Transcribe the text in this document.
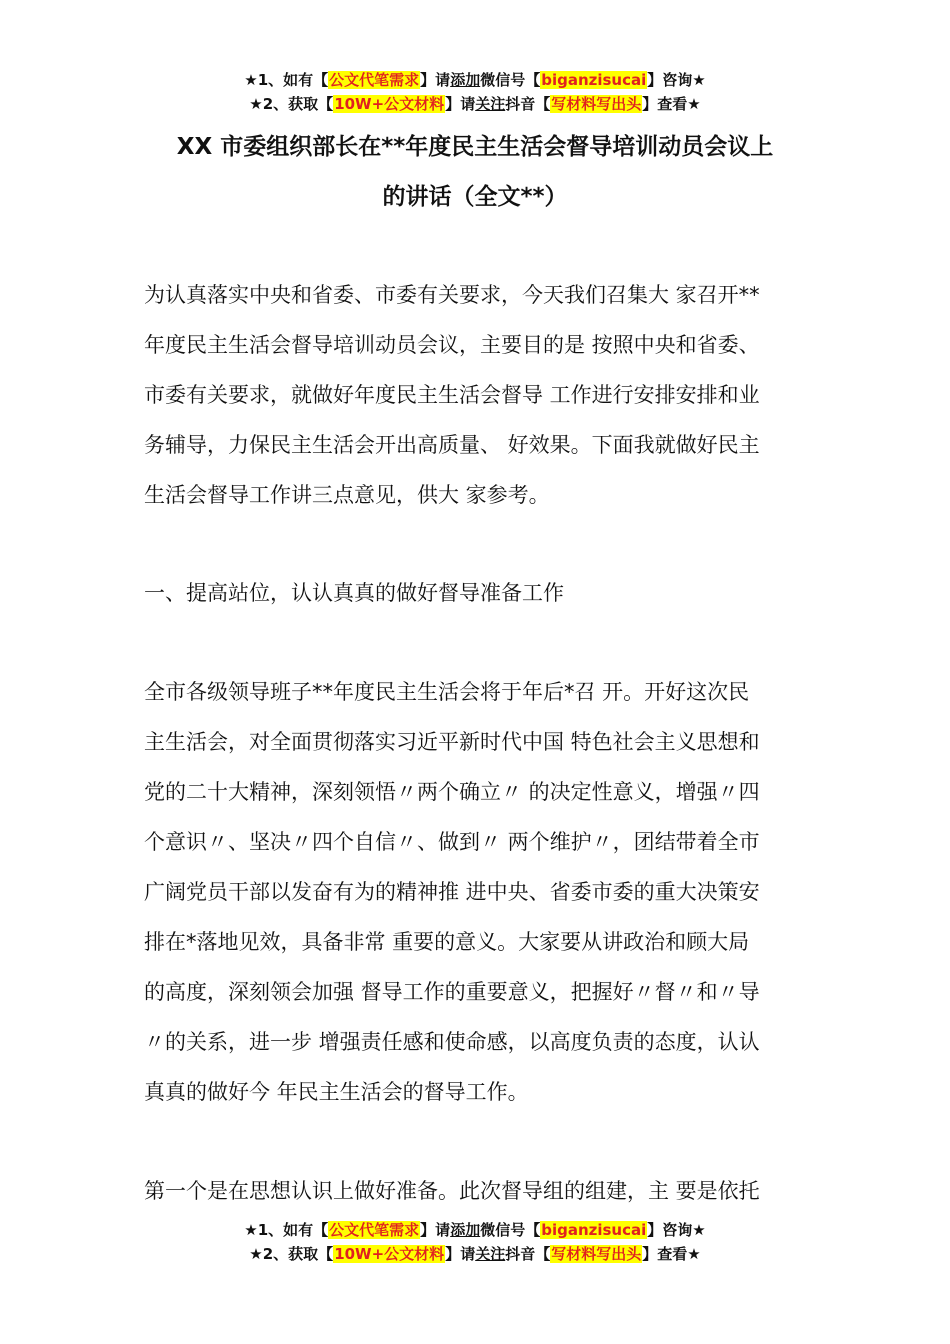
★1、如有【公文代笔需求】请添加微信号【biganzisucai】咨询★
★2、获取【10W+公文材料】请关注抖音【写材料写出头】查看★
XX 市委组织部长在**年度民主生活会督导培训动员会议上
的讲话（全文**）
为认真落实中央和省委、市委有关要求，今天我们召集大 家召开**
年度民主生活会督导培训动员会议，主要目的是 按照中央和省委、
市委有关要求，就做好年度民主生活会督导 工作进行安排安排和业
务辅导，力保民主生活会开出高质量、 好效果。下面我就做好民主
生活会督导工作讲三点意见，供大 家参考。
一、提高站位，认认真真的做好督导准备工作
全市各级领导班子**年度民主生活会将于年后*召 开。开好这次民
主生活会，对全面贯彻落实习近平新时代中国 特色社会主义思想和
党的二十大精神，深刻领悟〃两个确立〃 的决定性意义，增强〃四
个意识〃、坚决〃四个自信〃、做到〃 两个维护〃，团结带着全市
广阔党员干部以发奋有为的精神推 进中央、省委市委的重大决策安
排在*落地见效，具备非常 重要的意义。大家要从讲政治和顾大局
的高度，深刻领会加强 督导工作的重要意义，把握好〃督〃和〃导
〃的关系，进一步 增强责任感和使命感，以高度负责的态度，认认
真真的做好今 年民主生活会的督导工作。
第一个是在思想认识上做好准备。此次督导组的组建，主 要是依托
★1、如有【公文代笔需求】请添加微信号【biganzisucai】咨询★
★2、获取【10W+公文材料】请关注抖音【写材料写出头】查看★
